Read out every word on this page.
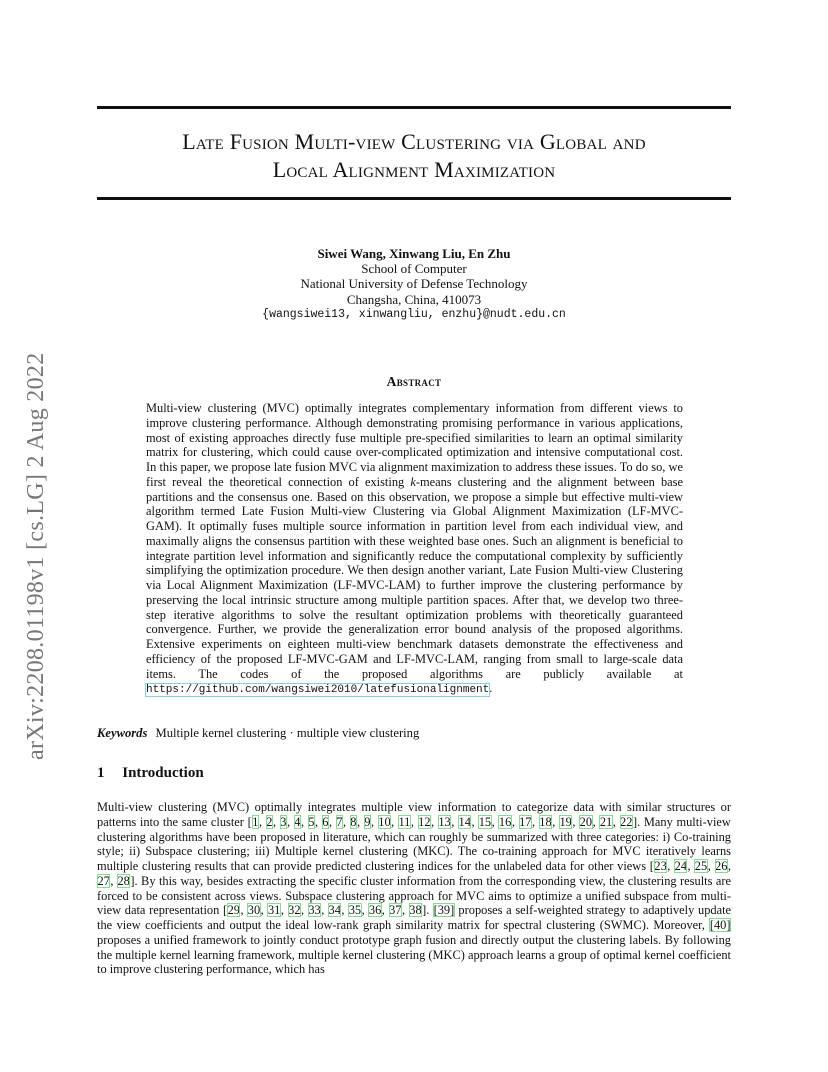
arXiv:2208.01198v1 [cs.LG] 2 Aug 2022
Late Fusion Multi-view Clustering via Global and
Local Alignment Maximization
Siwei Wang, Xinwang Liu, En Zhu
School of Computer
National University of Defense Technology
Changsha, China, 410073
{wangsiwei13, xinwangliu, enzhu}@nudt.edu.cn
Abstract
Multi-view clustering (MVC) optimally integrates complementary information from different views to improve clustering performance. Although demonstrating promising performance in various applications, most of existing approaches directly fuse multiple pre-specified similarities to learn an optimal similarity matrix for clustering, which could cause over-complicated optimization and intensive computational cost. In this paper, we propose late fusion MVC via alignment maximization to address these issues. To do so, we first reveal the theoretical connection of existing k-means clustering and the alignment between base partitions and the consensus one. Based on this observation, we propose a simple but effective multi-view algorithm termed Late Fusion Multi-view Clustering via Global Alignment Maximization (LF-MVC-GAM). It optimally fuses multiple source information in partition level from each individual view, and maximally aligns the consensus partition with these weighted base ones. Such an alignment is beneficial to integrate partition level information and significantly reduce the computational complexity by sufficiently simplifying the optimization procedure. We then design another variant, Late Fusion Multi-view Clustering via Local Alignment Maximization (LF-MVC-LAM) to further improve the clustering performance by preserving the local intrinsic structure among multiple partition spaces. After that, we develop two three-step iterative algorithms to solve the resultant optimization problems with theoretically guaranteed convergence. Further, we provide the generalization error bound analysis of the proposed algorithms. Extensive experiments on eighteen multi-view benchmark datasets demonstrate the effectiveness and efficiency of the proposed LF-MVC-GAM and LF-MVC-LAM, ranging from small to large-scale data items. The codes of the proposed algorithms are publicly available at https://github.com/wangsiwei2010/latefusionalignment.
Keywords Multiple kernel clustering · multiple view clustering
1 Introduction
Multi-view clustering (MVC) optimally integrates multiple view information to categorize data with similar structures or patterns into the same cluster [1, 2, 3, 4, 5, 6, 7, 8, 9, 10, 11, 12, 13, 14, 15, 16, 17, 18, 19, 20, 21, 22]. Many multi-view clustering algorithms have been proposed in literature, which can roughly be summarized with three categories: i) Co-training style; ii) Subspace clustering; iii) Multiple kernel clustering (MKC). The co-training approach for MVC iteratively learns multiple clustering results that can provide predicted clustering indices for the unlabeled data for other views [23, 24, 25, 26, 27, 28]. By this way, besides extracting the specific cluster information from the corresponding view, the clustering results are forced to be consistent across views. Subspace clustering approach for MVC aims to optimize a unified subspace from multi-view data representation [29, 30, 31, 32, 33, 34, 35, 36, 37, 38]. [39] proposes a self-weighted strategy to adaptively update the view coefficients and output the ideal low-rank graph similarity matrix for spectral clustering (SWMC). Moreover, [40] proposes a unified framework to jointly conduct prototype graph fusion and directly output the clustering labels. By following the multiple kernel learning framework, multiple kernel clustering (MKC) approach learns a group of optimal kernel coefficient to improve clustering performance, which has
